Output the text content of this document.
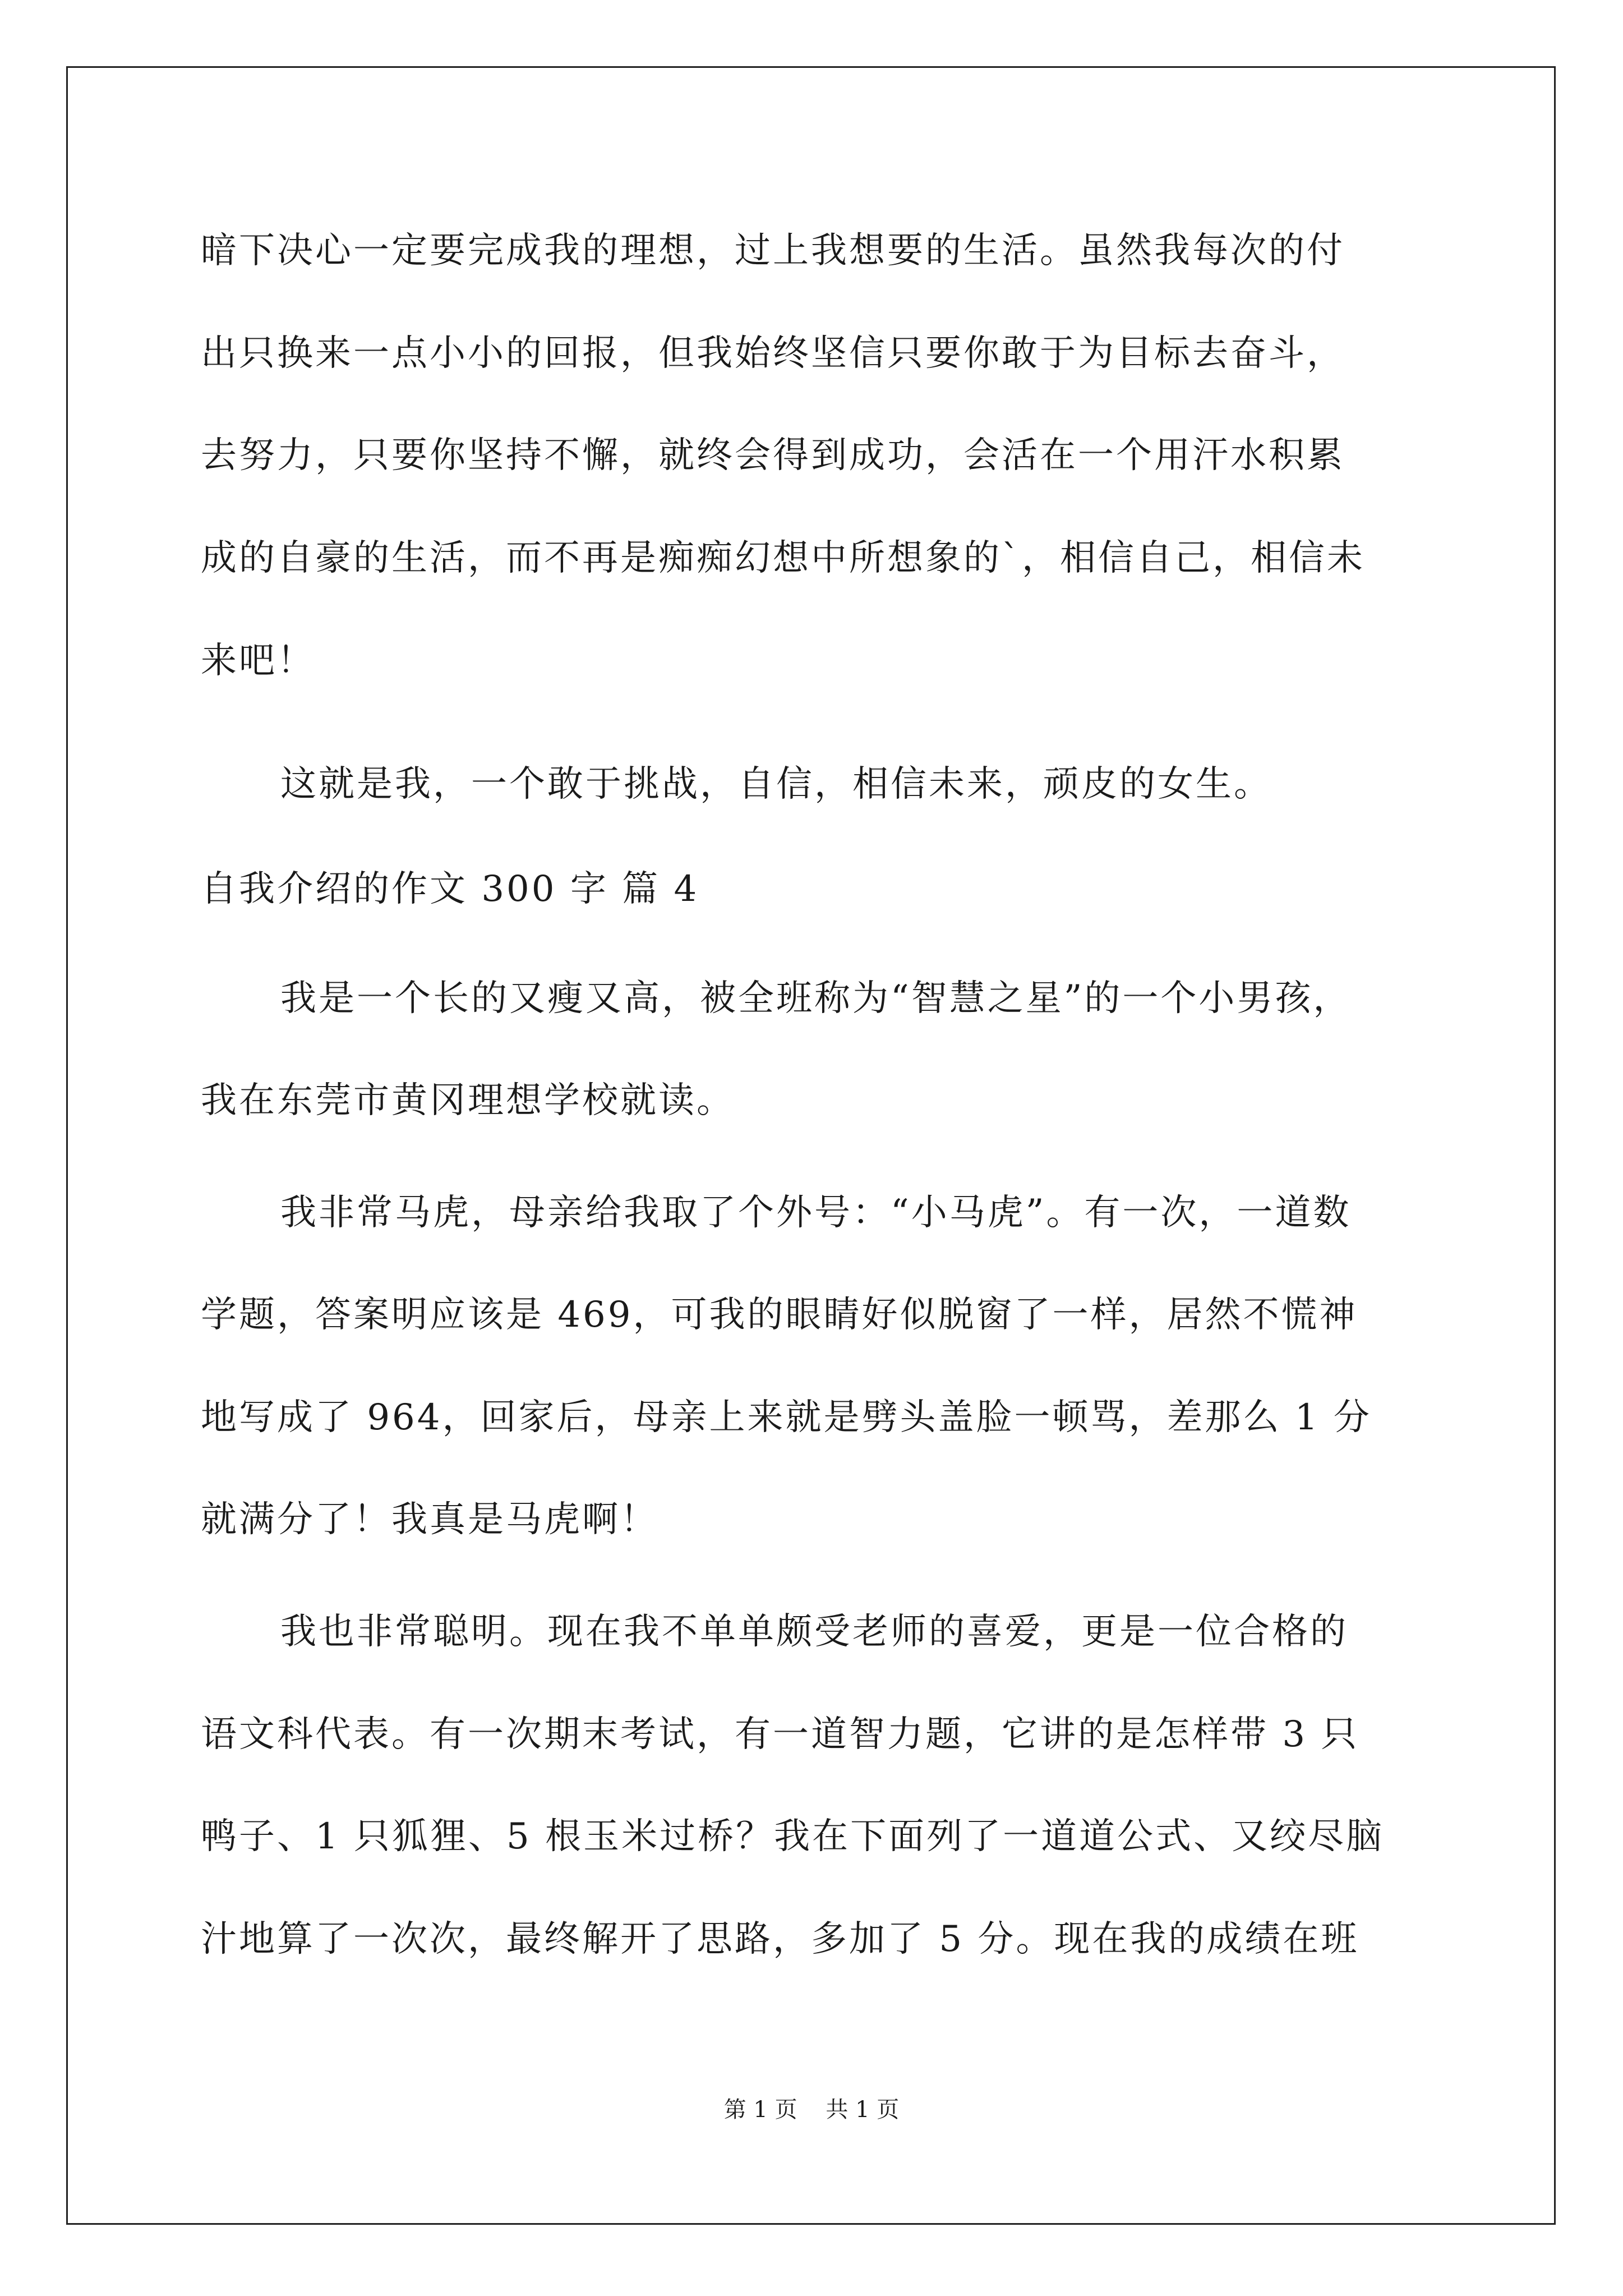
暗下决心一定要完成我的理想，过上我想要的生活。虽然我每次的付
出只换来一点小小的回报，但我始终坚信只要你敢于为目标去奋斗，
去努力，只要你坚持不懈，就终会得到成功，会活在一个用汗水积累
成的自豪的生活，而不再是痴痴幻想中所想象的`，相信自己，相信未
来吧！
这就是我，一个敢于挑战，自信，相信未来，顽皮的女生。
自我介绍的作文 300 字 篇 4
我是一个长的又瘦又高，被全班称为“智慧之星”的一个小男孩，
我在东莞市黄冈理想学校就读。
我非常马虎，母亲给我取了个外号：“小马虎”。有一次，一道数
学题，答案明应该是 469，可我的眼睛好似脱窗了一样，居然不慌神
地写成了 964，回家后，母亲上来就是劈头盖脸一顿骂，差那么 1 分
就满分了！我真是马虎啊！
我也非常聪明。现在我不单单颇受老师的喜爱，更是一位合格的
语文科代表。有一次期末考试，有一道智力题，它讲的是怎样带 3 只
鸭子、1 只狐狸、5 根玉米过桥？我在下面列了一道道公式、又绞尽脑
汁地算了一次次，最终解开了思路，多加了 5 分。现在我的成绩在班
第 1 页    共 1 页
